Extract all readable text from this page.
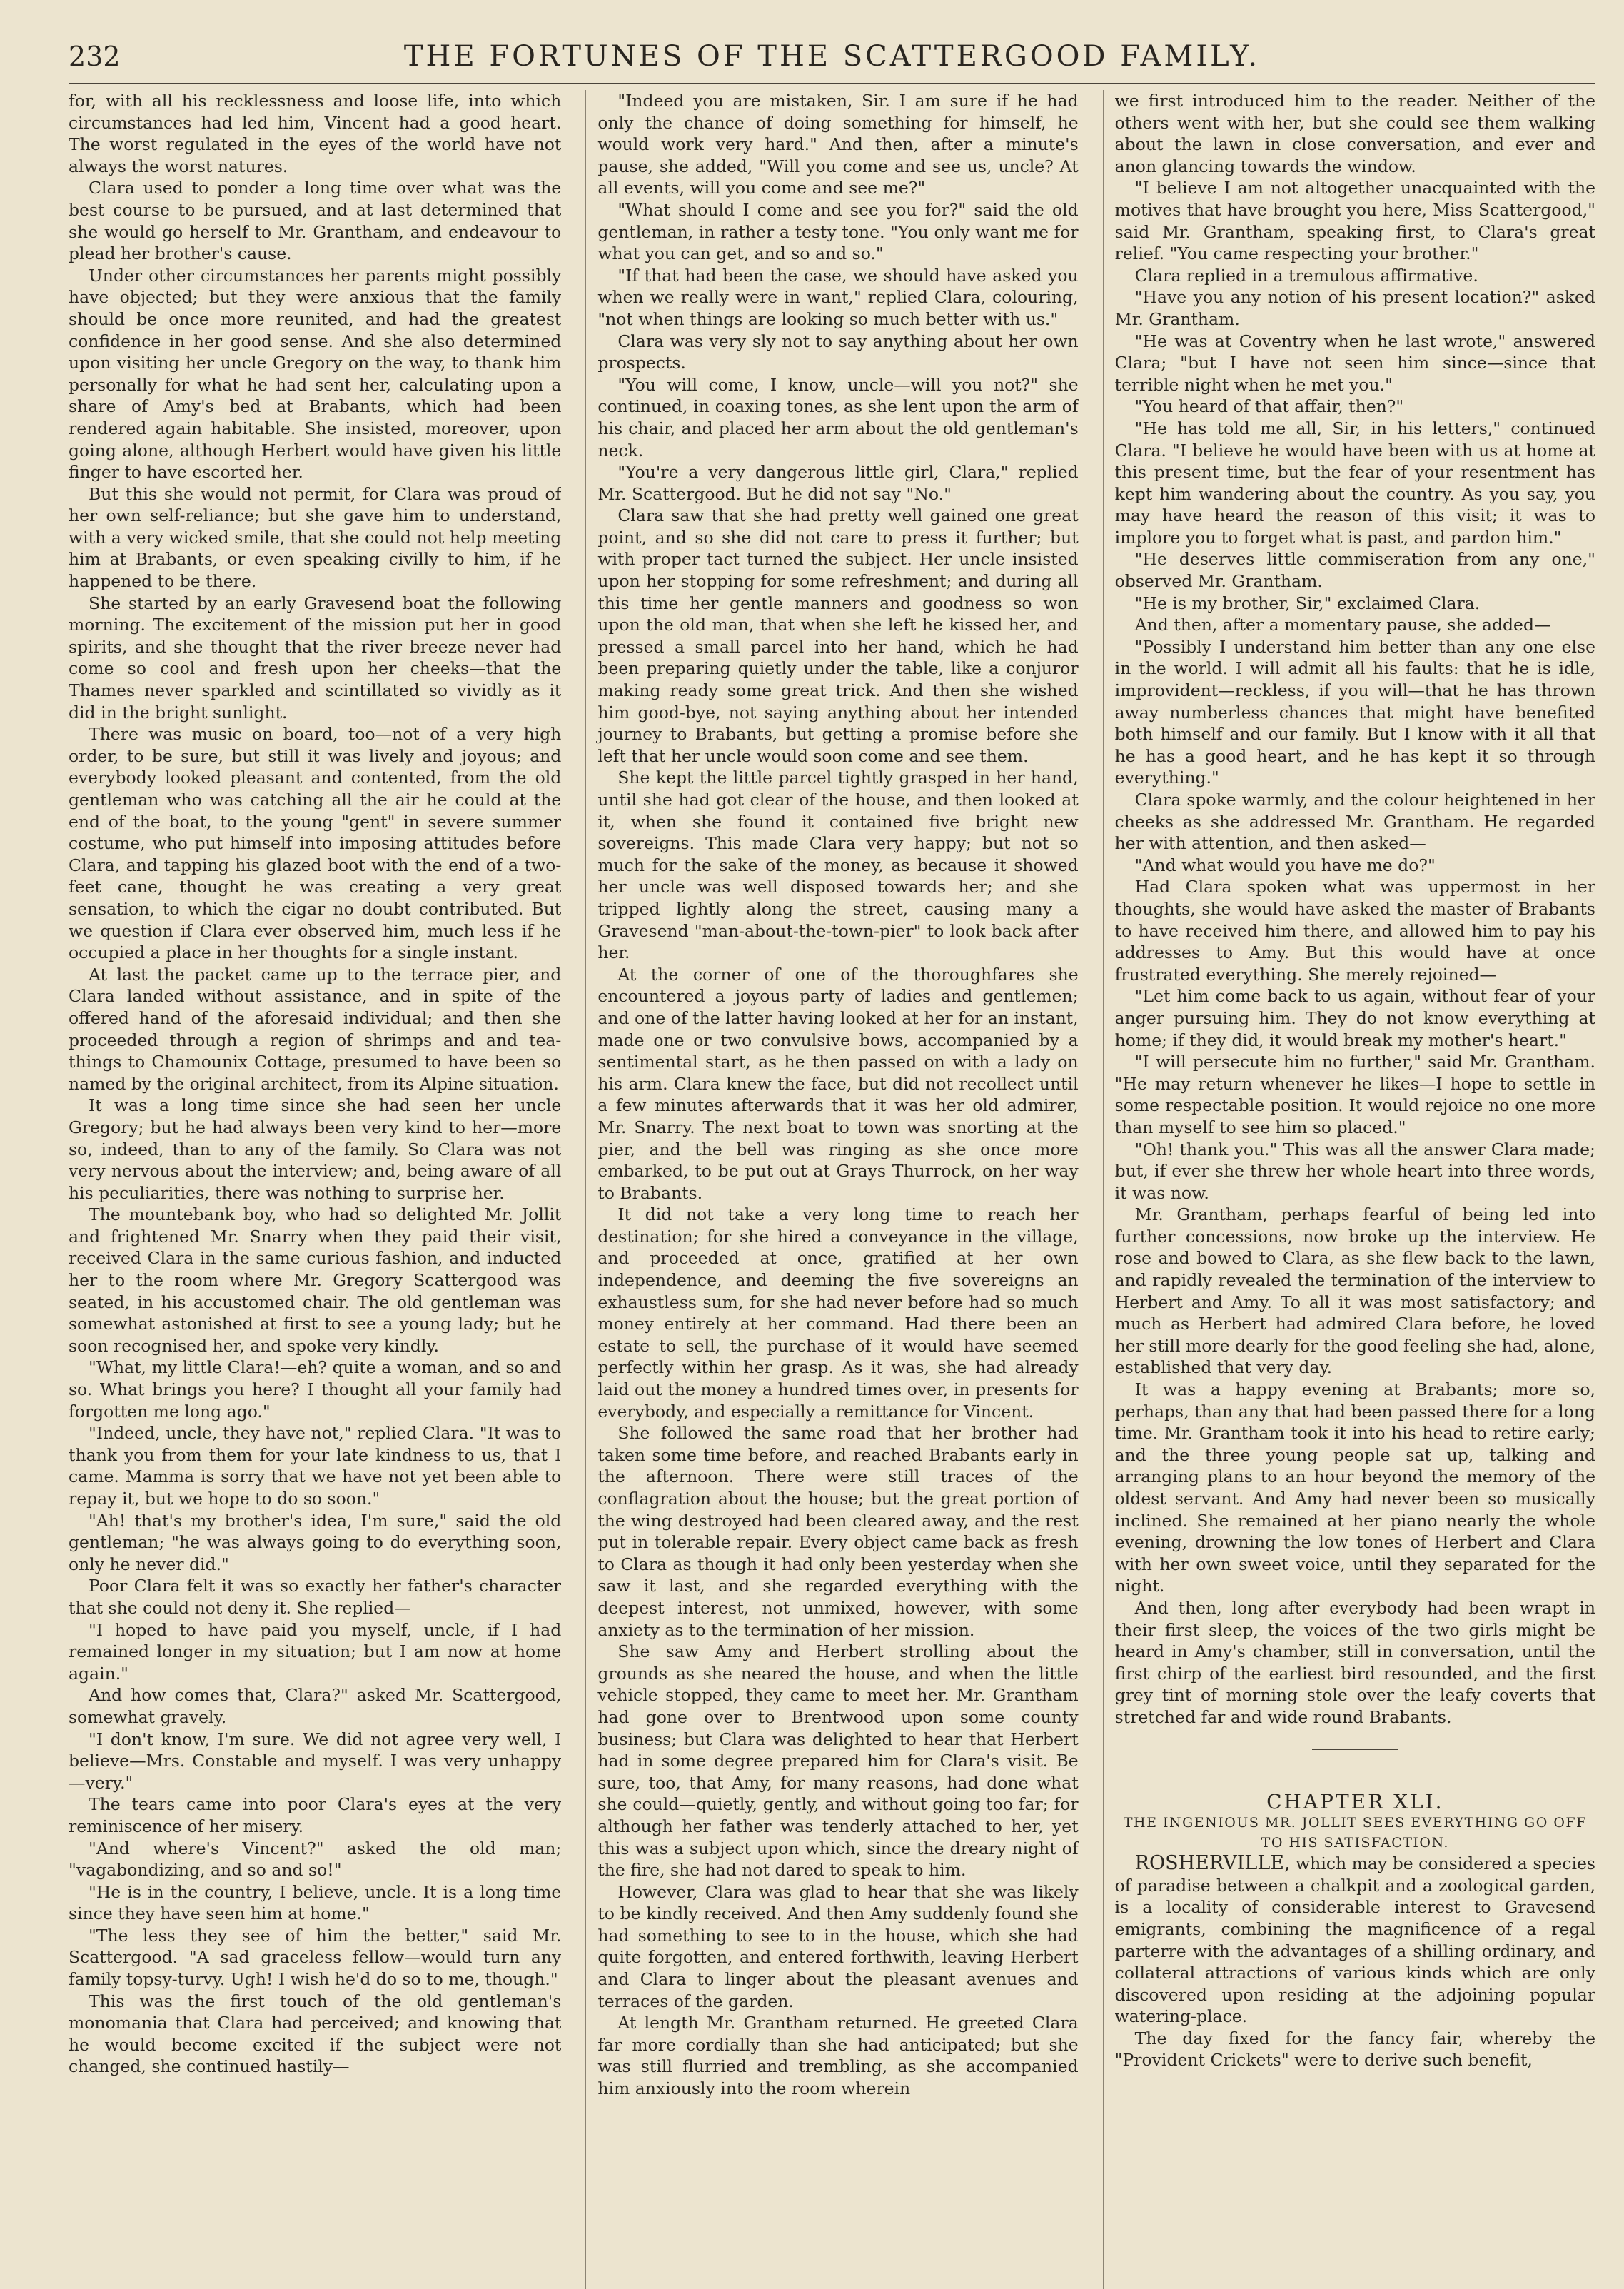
232	THE FORTUNES OF THE SCATTERGOOD FAMILY.

for, with all his recklessness and loose life, into which circumstances had led him, Vincent had a good heart. The worst regulated in the eyes of the world have not always the worst natures.

Clara used to ponder a long time over what was the best course to be pursued, and at last determined that she would go herself to Mr. Grantham, and endeavour to plead her brother's cause.

Under other circumstances her parents might possibly have objected; but they were anxious that the family should be once more reunited, and had the greatest confidence in her good sense. And she also determined upon visiting her uncle Gregory on the way, to thank him personally for what he had sent her, calculating upon a share of Amy's bed at Brabants, which had been rendered again habitable. She insisted, moreover, upon going alone, although Herbert would have given his little finger to have escorted her.

But this she would not permit, for Clara was proud of her own self-reliance; but she gave him to understand, with a very wicked smile, that she could not help meeting him at Brabants, or even speaking civilly to him, if he happened to be there.

She started by an early Gravesend boat the following morning. The excitement of the mission put her in good spirits, and she thought that the river breeze never had come so cool and fresh upon her cheeks—that the Thames never sparkled and scintillated so vividly as it did in the bright sunlight.

There was music on board, too—not of a very high order, to be sure, but still it was lively and joyous; and everybody looked pleasant and contented, from the old gentleman who was catching all the air he could at the end of the boat, to the young "gent" in severe summer costume, who put himself into imposing attitudes before Clara, and tapping his glazed boot with the end of a two-feet cane, thought he was creating a very great sensation, to which the cigar no doubt contributed. But we question if Clara ever observed him, much less if he occupied a place in her thoughts for a single instant.

At last the packet came up to the terrace pier, and Clara landed without assistance, and in spite of the offered hand of the aforesaid individual; and then she proceeded through a region of shrimps and and tea-things to Chamounix Cottage, presumed to have been so named by the original architect, from its Alpine situation.

It was a long time since she had seen her uncle Gregory; but he had always been very kind to her—more so, indeed, than to any of the family. So Clara was not very nervous about the interview; and, being aware of all his peculiarities, there was nothing to surprise her.

The mountebank boy, who had so delighted Mr. Jollit and frightened Mr. Snarry when they paid their visit, received Clara in the same curious fashion, and inducted her to the room where Mr. Gregory Scattergood was seated, in his accustomed chair. The old gentleman was somewhat astonished at first to see a young lady; but he soon recognised her, and spoke very kindly.

"What, my little Clara!—eh? quite a woman, and so and so. What brings you here? I thought all your family had forgotten me long ago."

"Indeed, uncle, they have not," replied Clara. "It was to thank you from them for your late kindness to us, that I came. Mamma is sorry that we have not yet been able to repay it, but we hope to do so soon."

"Ah! that's my brother's idea, I'm sure," said the old gentleman; "he was always going to do everything soon, only he never did."

Poor Clara felt it was so exactly her father's character that she could not deny it. She replied—

"I hoped to have paid you myself, uncle, if I had remained longer in my situation; but I am now at home again."

And how comes that, Clara?" asked Mr. Scattergood, somewhat gravely.

"I don't know, I'm sure. We did not agree very well, I believe—Mrs. Constable and myself. I was very unhappy—very."

The tears came into poor Clara's eyes at the very reminiscence of her misery.

"And where's Vincent?" asked the old man; "vagabondizing, and so and so!"

"He is in the country, I believe, uncle. It is a long time since they have seen him at home."

"The less they see of him the better," said Mr. Scattergood. "A sad graceless fellow—would turn any family topsy-turvy. Ugh! I wish he'd do so to me, though."

This was the first touch of the old gentleman's monomania that Clara had perceived; and knowing that he would become excited if the subject were not changed, she continued hastily—

"Indeed you are mistaken, Sir. I am sure if he had only the chance of doing something for himself, he would work very hard." And then, after a minute's pause, she added, "Will you come and see us, uncle? At all events, will you come and see me?"

"What should I come and see you for?" said the old gentleman, in rather a testy tone. "You only want me for what you can get, and so and so."

"If that had been the case, we should have asked you when we really were in want," replied Clara, colouring, "not when things are looking so much better with us."

Clara was very sly not to say anything about her own prospects.

"You will come, I know, uncle—will you not?" she continued, in coaxing tones, as she lent upon the arm of his chair, and placed her arm about the old gentleman's neck.

"You're a very dangerous little girl, Clara," replied Mr. Scattergood. But he did not say "No."

Clara saw that she had pretty well gained one great point, and so she did not care to press it further; but with proper tact turned the subject. Her uncle insisted upon her stopping for some refreshment; and during all this time her gentle manners and goodness so won upon the old man, that when she left he kissed her, and pressed a small parcel into her hand, which he had been preparing quietly under the table, like a conjuror making ready some great trick. And then she wished him good-bye, not saying anything about her intended journey to Brabants, but getting a promise before she left that her uncle would soon come and see them.

She kept the little parcel tightly grasped in her hand, until she had got clear of the house, and then looked at it, when she found it contained five bright new sovereigns. This made Clara very happy; but not so much for the sake of the money, as because it showed her uncle was well disposed towards her; and she tripped lightly along the street, causing many a Gravesend "man-about-the-town-pier" to look back after her.

At the corner of one of the thoroughfares she encountered a joyous party of ladies and gentlemen; and one of the latter having looked at her for an instant, made one or two convulsive bows, accompanied by a sentimental start, as he then passed on with a lady on his arm. Clara knew the face, but did not recollect until a few minutes afterwards that it was her old admirer, Mr. Snarry. The next boat to town was snorting at the pier, and the bell was ringing as she once more embarked, to be put out at Grays Thurrock, on her way to Brabants.

It did not take a very long time to reach her destination; for she hired a conveyance in the village, and proceeded at once, gratified at her own independence, and deeming the five sovereigns an exhaustless sum, for she had never before had so much money entirely at her command. Had there been an estate to sell, the purchase of it would have seemed perfectly within her grasp. As it was, she had already laid out the money a hundred times over, in presents for everybody, and especially a remittance for Vincent.

She followed the same road that her brother had taken some time before, and reached Brabants early in the afternoon. There were still traces of the conflagration about the house; but the great portion of the wing destroyed had been cleared away, and the rest put in tolerable repair. Every object came back as fresh to Clara as though it had only been yesterday when she saw it last, and she regarded everything with the deepest interest, not unmixed, however, with some anxiety as to the termination of her mission.

She saw Amy and Herbert strolling about the grounds as she neared the house, and when the little vehicle stopped, they came to meet her. Mr. Grantham had gone over to Brentwood upon some county business; but Clara was delighted to hear that Herbert had in some degree prepared him for Clara's visit. Be sure, too, that Amy, for many reasons, had done what she could—quietly, gently, and without going too far; for although her father was tenderly attached to her, yet this was a subject upon which, since the dreary night of the fire, she had not dared to speak to him.

However, Clara was glad to hear that she was likely to be kindly received. And then Amy suddenly found she had something to see to in the house, which she had quite forgotten, and entered forthwith, leaving Herbert and Clara to linger about the pleasant avenues and terraces of the garden.

At length Mr. Grantham returned. He greeted Clara far more cordially than she had anticipated; but she was still flurried and trembling, as she accompanied him anxiously into the room wherein

we first introduced him to the reader. Neither of the others went with her, but she could see them walking about the lawn in close conversation, and ever and anon glancing towards the window.

"I believe I am not altogether unacquainted with the motives that have brought you here, Miss Scattergood," said Mr. Grantham, speaking first, to Clara's great relief. "You came respecting your brother."

Clara replied in a tremulous affirmative.

"Have you any notion of his present location?" asked Mr. Grantham.

"He was at Coventry when he last wrote," answered Clara; "but I have not seen him since—since that terrible night when he met you."

"You heard of that affair, then?"

"He has told me all, Sir, in his letters," continued Clara. "I believe he would have been with us at home at this present time, but the fear of your resentment has kept him wandering about the country. As you say, you may have heard the reason of this visit; it was to implore you to forget what is past, and pardon him."

"He deserves little commiseration from any one," observed Mr. Grantham.

"He is my brother, Sir," exclaimed Clara.

And then, after a momentary pause, she added—

"Possibly I understand him better than any one else in the world. I will admit all his faults: that he is idle, improvident—reckless, if you will—that he has thrown away numberless chances that might have benefited both himself and our family. But I know with it all that he has a good heart, and he has kept it so through everything."

Clara spoke warmly, and the colour heightened in her cheeks as she addressed Mr. Grantham. He regarded her with attention, and then asked—

"And what would you have me do?"

Had Clara spoken what was uppermost in her thoughts, she would have asked the master of Brabants to have received him there, and allowed him to pay his addresses to Amy. But this would have at once frustrated everything. She merely rejoined—

"Let him come back to us again, without fear of your anger pursuing him. They do not know everything at home; if they did, it would break my mother's heart."

"I will persecute him no further," said Mr. Grantham. "He may return whenever he likes—I hope to settle in some respectable position. It would rejoice no one more than myself to see him so placed."

"Oh! thank you." This was all the answer Clara made; but, if ever she threw her whole heart into three words, it was now.

Mr. Grantham, perhaps fearful of being led into further concessions, now broke up the interview. He rose and bowed to Clara, as she flew back to the lawn, and rapidly revealed the termination of the interview to Herbert and Amy. To all it was most satisfactory; and much as Herbert had admired Clara before, he loved her still more dearly for the good feeling she had, alone, established that very day.

It was a happy evening at Brabants; more so, perhaps, than any that had been passed there for a long time. Mr. Grantham took it into his head to retire early; and the three young people sat up, talking and arranging plans to an hour beyond the memory of the oldest servant. And Amy had never been so musically inclined. She remained at her piano nearly the whole evening, drowning the low tones of Herbert and Clara with her own sweet voice, until they separated for the night.

And then, long after everybody had been wrapt in their first sleep, the voices of the two girls might be heard in Amy's chamber, still in conversation, until the first chirp of the earliest bird resounded, and the first grey tint of morning stole over the leafy coverts that stretched far and wide round Brabants.

CHAPTER XLI.

THE INGENIOUS MR. JOLLIT SEES EVERYTHING GO OFF TO HIS SATISFACTION.

ROSHERVILLE, which may be considered a species of paradise between a chalkpit and a zoological garden, is a locality of considerable interest to Gravesend emigrants, combining the magnificence of a regal parterre with the advantages of a shilling ordinary, and collateral attractions of various kinds which are only discovered upon residing at the adjoining popular watering-place.

The day fixed for the fancy fair, whereby the "Provident Crickets" were to derive such benefit,
